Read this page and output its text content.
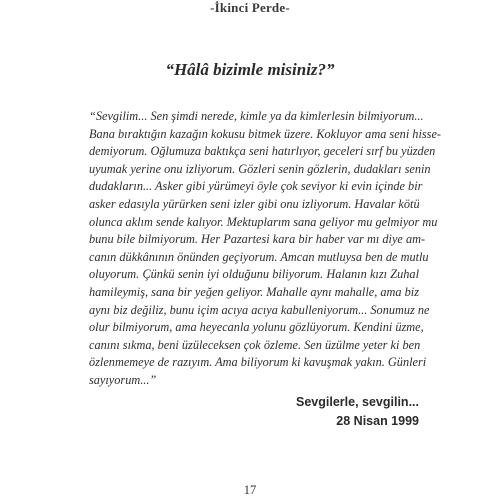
-İkinci Perde-
“Hâlâ bizimle misiniz?”
“Sevgilim... Sen şimdi nerede, kimle ya da kimlerlesin bilmiyorum...
Bana bıraktığın kazağın kokusu bitmek üzere. Kokluyor ama seni hisse-
demiyorum. Oğlumuza baktıkça seni hatırlıyor, geceleri sırf bu yüzden
uyumak yerine onu izliyorum. Gözleri senin gözlerin, dudakları senin
dudakların... Asker gibi yürümeyi öyle çok seviyor ki evin içinde bir
asker edasıyla yürürken seni izler gibi onu izliyorum. Havalar kötü
olunca aklım sende kalıyor. Mektuplarım sana geliyor mu gelmiyor mu
bunu bile bilmiyorum. Her Pazartesi kara bir haber var mı diye am-
canın dükkânının önünden geçiyorum. Amcan mutluysa ben de mutlu
oluyorum. Çünkü senin iyi olduğunu biliyorum. Halanın kızı Zuhal
hamileymiş, sana bir yeğen geliyor. Mahalle aynı mahalle, ama biz
aynı biz değiliz, bunu içim acıya acıya kabulleniyorum... Sonumuz ne
olur bilmiyorum, ama heyecanla yolunu gözlüyorum. Kendini üzme,
canını sıkma, beni üzüleceksen çok özleme. Sen üzülme yeter ki ben
özlenmemeye de razıyım. Ama biliyorum ki kavuşmak yakın. Günleri
sayıyorum...”
Sevgilerle, sevgilin...
28 Nisan 1999
17
